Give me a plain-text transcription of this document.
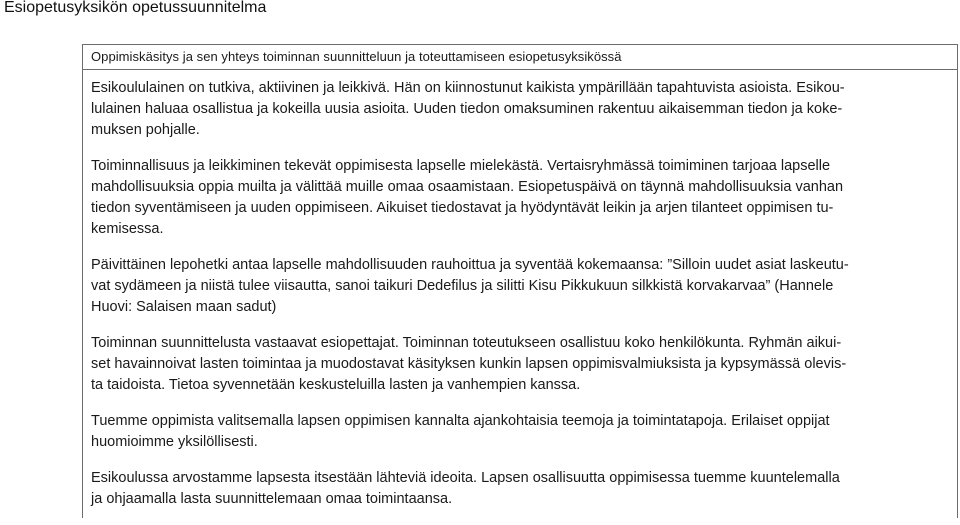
Esiopetusyksikön opetussuunnitelma
Oppimiskäsitys ja sen yhteys toiminnan suunnitteluun ja toteuttamiseen esiopetusyksikössä

Esikoululainen on tutkiva, aktiivinen ja leikkivä. Hän on kiinnostunut kaikista ympärillään tapahtuvista asioista. Esikou-
lulainen haluaa osallistua ja kokeilla uusia asioita. Uuden tiedon omaksuminen rakentuu aikaisemman tiedon ja koke-
muksen pohjalle.

Toiminnallisuus ja leikkiminen tekevät oppimisesta lapselle mielekästä. Vertaisryhmässä toimiminen tarjoaa lapselle
mahdollisuuksia oppia muilta ja välittää muille omaa osaamistaan. Esiopetuspäivä on täynnä mahdollisuuksia vanhan
tiedon syventämiseen ja uuden oppimiseen. Aikuiset tiedostavat ja hyödyntävät leikin ja arjen tilanteet oppimisen tu-
kemisessa.

Päivittäinen lepohetki antaa lapselle mahdollisuuden rauhoittua ja syventää kokemaansa: ”Silloin uudet asiat laskeutu-
vat sydämeen ja niistä tulee viisautta, sanoi taikuri Dedefilus ja silitti Kisu Pikkukuun silkkistä korvakarvaa” (Hannele
Huovi: Salaisen maan sadut)

Toiminnan suunnittelusta vastaavat esiopettajat. Toiminnan toteutukseen osallistuu koko henkilökunta. Ryhmän aikui-
set havainnoivat lasten toimintaa ja muodostavat käsityksen kunkin lapsen oppimisvalmiuksista ja kypsymässä olevis-
ta taidoista. Tietoa syvennetään keskusteluilla lasten ja vanhempien kanssa.

Tuemme oppimista valitsemalla lapsen oppimisen kannalta ajankohtaisia teemoja ja toimintatapoja. Erilaiset oppijat
huomioimme yksilöllisesti.

Esikoulussa arvostamme lapsesta itsestään lähteviä ideoita. Lapsen osallisuutta oppimisessa tuemme kuuntelemalla
ja ohjaamalla lasta suunnittelemaan omaa toimintaansa.
